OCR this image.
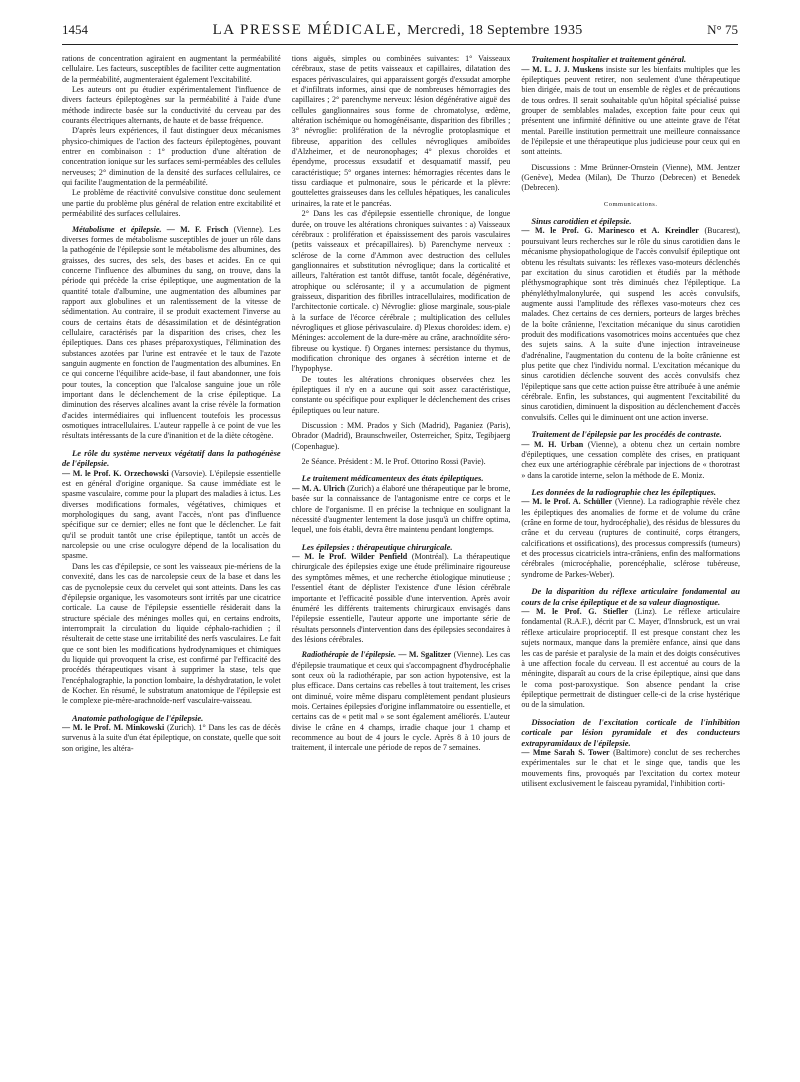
1454	LA PRESSE MÉDICALE, Mercredi, 18 Septembre 1935	N° 75

rations de concentration agiraient en augmentant la perméabilité cellulaire. Les facteurs, susceptibles de faciliter cette augmentation de la perméabilité, augmenteraient également l'excitabilité.

Les auteurs ont pu étudier expérimentalement l'influence de divers facteurs épileptogènes sur la perméabilité à l'aide d'une méthode indirecte basée sur la conductivité du cerveau par des courants électriques alternants, de haute et de basse fréquence.

D'après leurs expériences, il faut distinguer deux mécanismes physico-chimiques de l'action des facteurs épileptogènes, pouvant entrer en combinaison : 1° production d'une altération de concentration ionique sur les surfaces semi-perméables des cellules nerveuses; 2° diminution de la densité des surfaces cellulaires, ce qui facilite l'augmentation de la perméabilité.

Le problème de réactivité convulsive constitue donc seulement une partie du problème plus général de relation entre excitabilité et perméabilité des surfaces cellulaires.

Métabolisme et épilepsie. — M. F. Frisch (Vienne). Les diverses formes de métabolisme susceptibles de jouer un rôle dans la pathogénie de l'épilepsie sont le métabolisme des albumines, des graisses, des sucres, des sels, des bases et acides. En ce qui concerne l'influence des albumines du sang, on trouve, dans la période qui précède la crise épileptique, une augmentation de la quantité totale d'albumine, une augmentation des albumines par rapport aux globulines et un ralentissement de la vitesse de sédimentation. Au contraire, il se produit exactement l'inverse au cours de certains états de désassimilation et de désintégration cellulaire, caractérisés par la disparition des crises, chez les épileptiques. Dans ces phases préparoxystiques, l'élimination des substances azotées par l'urine est entravée et le taux de l'azote sanguin augmente en fonction de l'augmentation des albumines. En ce qui concerne l'équilibre acide-base, il faut abandonner, une fois pour toutes, la conception que l'alcalose sanguine joue un rôle important dans le déclenchement de la crise épileptique. La diminution des réserves alcalines avant la crise révèle la formation d'acides intermédiaires qui influencent toutefois les processus osmotiques intracellulaires. L'auteur rappelle à ce point de vue les résultats intéressants de la cure d'inanition et de la diète cétogène.

Le rôle du système nerveux végétatif dans la pathogénèse de l'épilepsie.

— M. le Prof. K. Orzechowski (Varsovie). L'épilepsie essentielle est en général d'origine organique. Sa cause immédiate est le spasme vasculaire, comme pour la plupart des maladies à ictus. Les diverses modifications formales, végétatives, chimiques et morphologiques du sang, avant l'accès, n'ont pas d'influence spécifique sur ce dernier; elles ne font que le déclencher. Le fait qu'il se produit tantôt une crise épileptique, tantôt un accès de narcolepsie ou une crise oculogyre dépend de la localisation du spasme.

Dans les cas d'épilepsie, ce sont les vaisseaux pie-mériens de la convexité, dans les cas de narcolepsie ceux de la base et dans les cas de pycnolepsie ceux du cervelet qui sont atteints. Dans les cas d'épilepsie organique, les vasomoteurs sont irrités par une cicatrice corticale. La cause de l'épilepsie essentielle résiderait dans la structure spéciale des méninges molles qui, en certains endroits, interromprait la circulation du liquide céphalo-rachidien ; il résulterait de cette stase une irritabilité des nerfs vasculaires. Le fait que ce sont bien les modifications hydrodynamiques et chimiques du liquide qui provoquent la crise, est confirmé par l'efficacité des procédés thérapeutiques visant à supprimer la stase, tels que l'encéphalographie, la ponction lombaire, la déshydratation, le volet de Kocher. En résumé, le substratum anatomique de l'épilepsie est le complexe pie-mère-arachnoïde-nerf vasculaire-vaisseau.

Anatomie pathologique de l'épilepsie.

— M. le Prof. M. Minkowski (Zurich). 1° Dans les cas de décès survenus à la suite d'un état épileptique, on constate, quelle que soit son origine, les altéra-

tions aiguës, simples ou combinées suivantes: 1° Vaisseaux cérébraux, stase de petits vaisseaux et capillaires, dilatation des espaces périvasculaires, qui apparaissent gorgés d'exsudat amorphe et d'infiltrats informes, ainsi que de nombreuses hémorragies des capillaires ; 2° parenchyme nerveux: lésion dégénérative aiguë des cellules ganglionnaires sous forme de chromatolyse, œdème, altération ischémique ou homogénéisante, disparition des fibrilles ; 3° névroglie: prolifération de la névroglie protoplasmique et fibreuse, apparition des cellules névrogliques amiboïdes d'Alzheimer, et de neuronophages; 4° plexus choroïdes et épendyme, processus exsudatif et desquamatif massif, peu caractéristique; 5° organes internes: hémorragies récentes dans le tissu cardiaque et pulmonaire, sous le péricarde et la plèvre: gouttelettes graisseuses dans les cellules hépatiques, les canalicules urinaires, la rate et le pancréas.

2° Dans les cas d'épilepsie essentielle chronique, de longue durée, on trouve les altérations chroniques suivantes : a) Vaisseaux cérébraux : prolifération et épaississement des parois vasculaires (petits vaisseaux et précapillaires). b) Parenchyme nerveux : sclérose de la corne d'Ammon avec destruction des cellules ganglionnaires et substitution névroglique; dans la corticalité et ailleurs, l'altération est tantôt diffuse, tantôt focale, dégénérative, atrophique ou sclérosante; il y a accumulation de pigment graisseux, disparition des fibrilles intracellulaires, modification de l'architectonie corticale. c) Névroglie: gliose marginale, sous-piale à la surface de l'écorce cérébrale ; multiplication des cellules névrogliques et gliose périvasculaire. d) Plexus choroïdes: idem. e) Méninges: accolement de la dure-mère au crâne, arachnoïdite séro-fibreuse ou kystique. f) Organes internes: persistance du thymus, modification chronique des organes à sécrétion interne et de l'hypophyse.

De toutes les altérations chroniques observées chez les épileptiques il n'y en a aucune qui soit assez caractéristique, constante ou spécifique pour expliquer le déclenchement des crises épileptiques ou leur nature.

Discussion : MM. Prados y Sich (Madrid), Paganiez (Paris), Obrador (Madrid), Braunschweiler, Osterreicher, Spitz, Tegibjaerg (Copenhague).

2e Séance. Président : M. le Prof. Ottorino Rossi (Pavie).

Le traitement médicamenteux des états épileptiques.

— M. A. Ulrich (Zurich) a élaboré une thérapeutique par le brome, basée sur la connaissance de l'antagonisme entre ce corps et le chlore de l'organisme. Il en précise la technique en soulignant la nécessité d'augmenter lentement la dose jusqu'à un chiffre optima, lequel, une fois établi, devra être maintenu pendant longtemps.

Les épilepsies : thérapeutique chirurgicale.

— M. le Prof. Wilder Penfield (Montréal). La thérapeutique chirurgicale des épilepsies exige une étude préliminaire rigoureuse des symptômes mêmes, et une recherche étiologique minutieuse ; l'essentiel étant de déplister l'existence d'une lésion cérébrale importante et l'efficacité possible d'une intervention. Après avoir énuméré les différents traitements chirurgicaux envisagés dans l'épilepsie essentielle, l'auteur apporte une importante série de résultats personnels d'intervention dans des épilepsies secondaires à des lésions cérébrales.

Radiothérapie de l'épilepsie. — M. Sgalitzer (Vienne). Les cas d'épilepsie traumatique et ceux qui s'accompagnent d'hydrocéphalie sont ceux où la radiothérapie, par son action hypotensive, est la plus efficace. Dans certains cas rebelles à tout traitement, les crises ont diminué, voire même disparu complètement pendant plusieurs mois. Certaines épilepsies d'origine inflammatoire ou essentielle, et certains cas de « petit mal » se sont également améliorés. L'auteur divise le crâne en 4 champs, irradie chaque jour 1 champ et recommence au bout de 4 jours le cycle. Après 8 à 10 jours de traitement, il intercale une période de repos de 7 semaines.

Traitement hospitalier et traitement général.

— M. L. J. J. Muskens insiste sur les bienfaits multiples que les épileptiques peuvent retirer, non seulement d'une thérapeutique bien dirigée, mais de tout un ensemble de règles et de précautions de tous ordres. Il serait souhaitable qu'un hôpital spécialisé puisse grouper de semblables malades, exception faite pour ceux qui présentent une infirmité définitive ou une atteinte grave de l'état mental. Pareille institution permettrait une meilleure connaissance de l'épilepsie et une thérapeutique plus judicieuse pour ceux qui en sont atteints.

Discussions : Mme Brünner-Ornstein (Vienne), MM. Jentzer (Genève), Medea (Milan), De Thurzo (Debrecen) et Benedek (Debrecen).

Communications.
Sinus carotidien et épilepsie.

— M. le Prof. G. Marinesco et A. Kreindler (Bucarest), poursuivant leurs recherches sur le rôle du sinus carotidien dans le mécanisme physiopathologique de l'accès convulsif épileptique ont obtenu les résultats suivants: les réflexes vaso-moteurs déclenchés par excitation du sinus carotidien et étudiés par la méthode pléthysmographique sont très diminués chez l'épileptique. La phényléthylmalonylurée, qui suspend les accès convulsifs, augmente aussi l'amplitude des réflexes vaso-moteurs chez ces malades. Chez certains de ces derniers, porteurs de larges brèches de la boîte crânienne, l'excitation mécanique du sinus carotidien produit des modifications vasomotrices moins accentuées que chez des sujets sains. A la suite d'une injection intraveineuse d'adrénaline, l'augmentation du contenu de la boîte crânienne est plus petite que chez l'individu normal. L'excitation mécanique du sinus carotidien déclenche souvent des accès convulsifs chez l'épileptique sans que cette action puisse être attribuée à une anémie cérébrale. Enfin, les substances, qui augmentent l'excitabilité du sinus carotidien, diminuent la disposition au déclenchement d'accès convulsifs. Celles qui le diminuent ont une action inverse.

Traitement de l'épilepsie par les procédés de contraste.

— M. H. Urban (Vienne), a obtenu chez un certain nombre d'épileptiques, une cessation complète des crises, en pratiquant chez eux une artériographie cérébrale par injections de « thorotrast » dans la carotide interne, selon la méthode de E. Moniz.

Les données de la radiographie chez les épileptiques.

— M. le Prof. A. Schüller (Vienne). La radiographie révèle chez les épileptiques des anomalies de forme et de volume du crâne (crâne en forme de tour, hydrocéphalie), des résidus de blessures du crâne et du cerveau (ruptures de continuité, corps étrangers, calcifications et ossifications), des processus compressifs (tumeurs) et des processus cicatriciels intra-crâniens, enfin des malformations cérébrales (microcéphalie, porencéphalie, sclérose tubéreuse, syndrome de Parkes-Weber).

De la disparition du réflexe articulaire fondamental au cours de la crise épileptique et de sa valeur diagnostique.

— M. le Prof. G. Stiefler (Linz). Le réflexe articulaire fondamental (R.A.F.), décrit par C. Mayer, d'Innsbruck, est un vrai réflexe articulaire proprioceptif. Il est presque constant chez les sujets normaux, manque dans la première enfance, ainsi que dans les cas de parésie et paralysie de la main et des doigts consécutives à une affection focale du cerveau. Il est accentué au cours de la méningite, disparaît au cours de la crise épileptique, ainsi que dans le coma post-paroxystique. Son absence pendant la crise épileptique permettrait de distinguer celle-ci de la crise hystérique ou de la simulation.

Dissociation de l'excitation corticale de l'inhibition corticale par lésion pyramidale et des conducteurs extrapyramidaux de l'épilepsie.

— Mme Sarah S. Tower (Baltimore) conclut de ses recherches expérimentales sur le chat et le singe que, tandis que les mouvements fins, provoqués par l'excitation du cortex moteur utilisent exclusivement le faisceau pyramidal, l'inhibition corti-
